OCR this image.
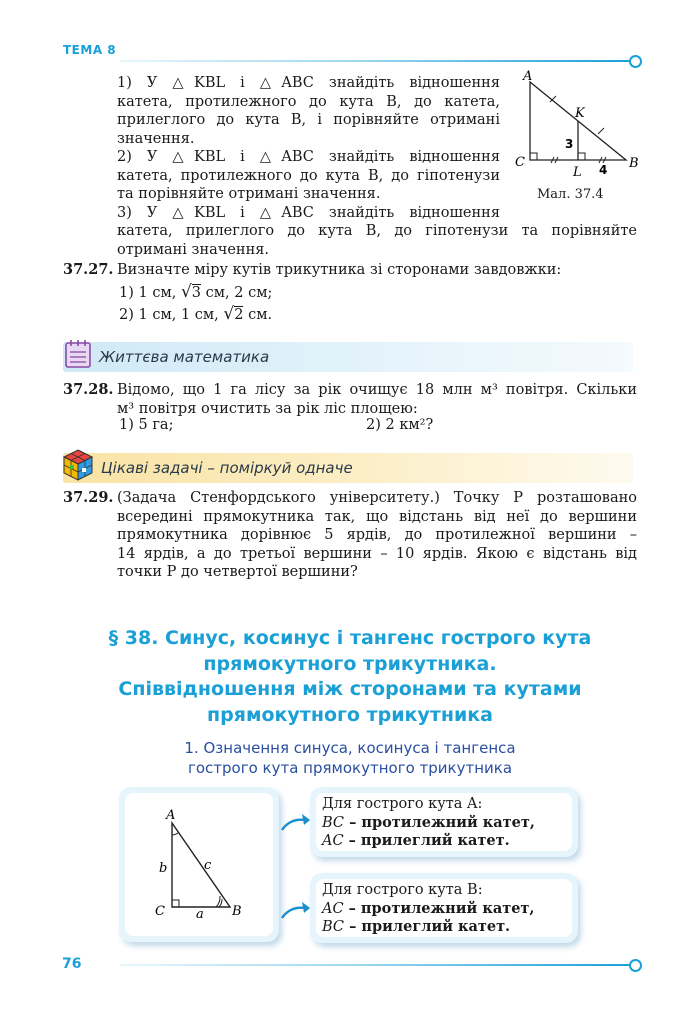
ТЕМА 8
1) У △KBL і △ABC знайдіть відношення
катета, протилежного до кута B, до катета,
прилеглого до кута B, і порівняйте отримані
значення.
2) У △KBL і △ABC знайдіть відношення
катета, протилежного до кута B, до гіпотенузи
та порівняйте отримані значення.
3) У △KBL і △ABC знайдіть відношення
катета, прилеглого до кута B, до гіпотенузи та порівняйте
отримані значення.
A
K
C
L
B
3
4
Мал. 37.4
37.27. Визначте міру кутів трикутника зі сторонами завдовжки:
1) 1 см, √3 см, 2 см;
2) 1 см, 1 см, √2 см.
Життєва математика
37.28. Відомо, що 1 га лісу за рік очищує 18 млн м³ повітря. Скільки
м³ повітря очистить за рік ліс площею:
1) 5 га;	2) 2 км²?
Цікаві задачі – поміркуй одначе
37.29. (Задача Стенфордського університету.) Точку P розташовано
всередині прямокутника так, що відстань від неї до вершини
прямокутника дорівнює 5 ярдів, до протилежної вершини –
14 ярдів, а до третьої вершини – 10 ярдів. Якою є відстань від
точки P до четвертої вершини?
§ 38. Синус, косинус і тангенс гострого кута
прямокутного трикутника.
Співвідношення між сторонами та кутами
прямокутного трикутника
1. Означення синуса, косинуса і тангенса
гострого кута прямокутного трикутника
A
B
C a
b	c
Для гострого кута A:
BC – протилежний катет,
AC – прилеглий катет.
Для гострого кута B:
AC – протилежний катет,
BC – прилеглий катет.
76
